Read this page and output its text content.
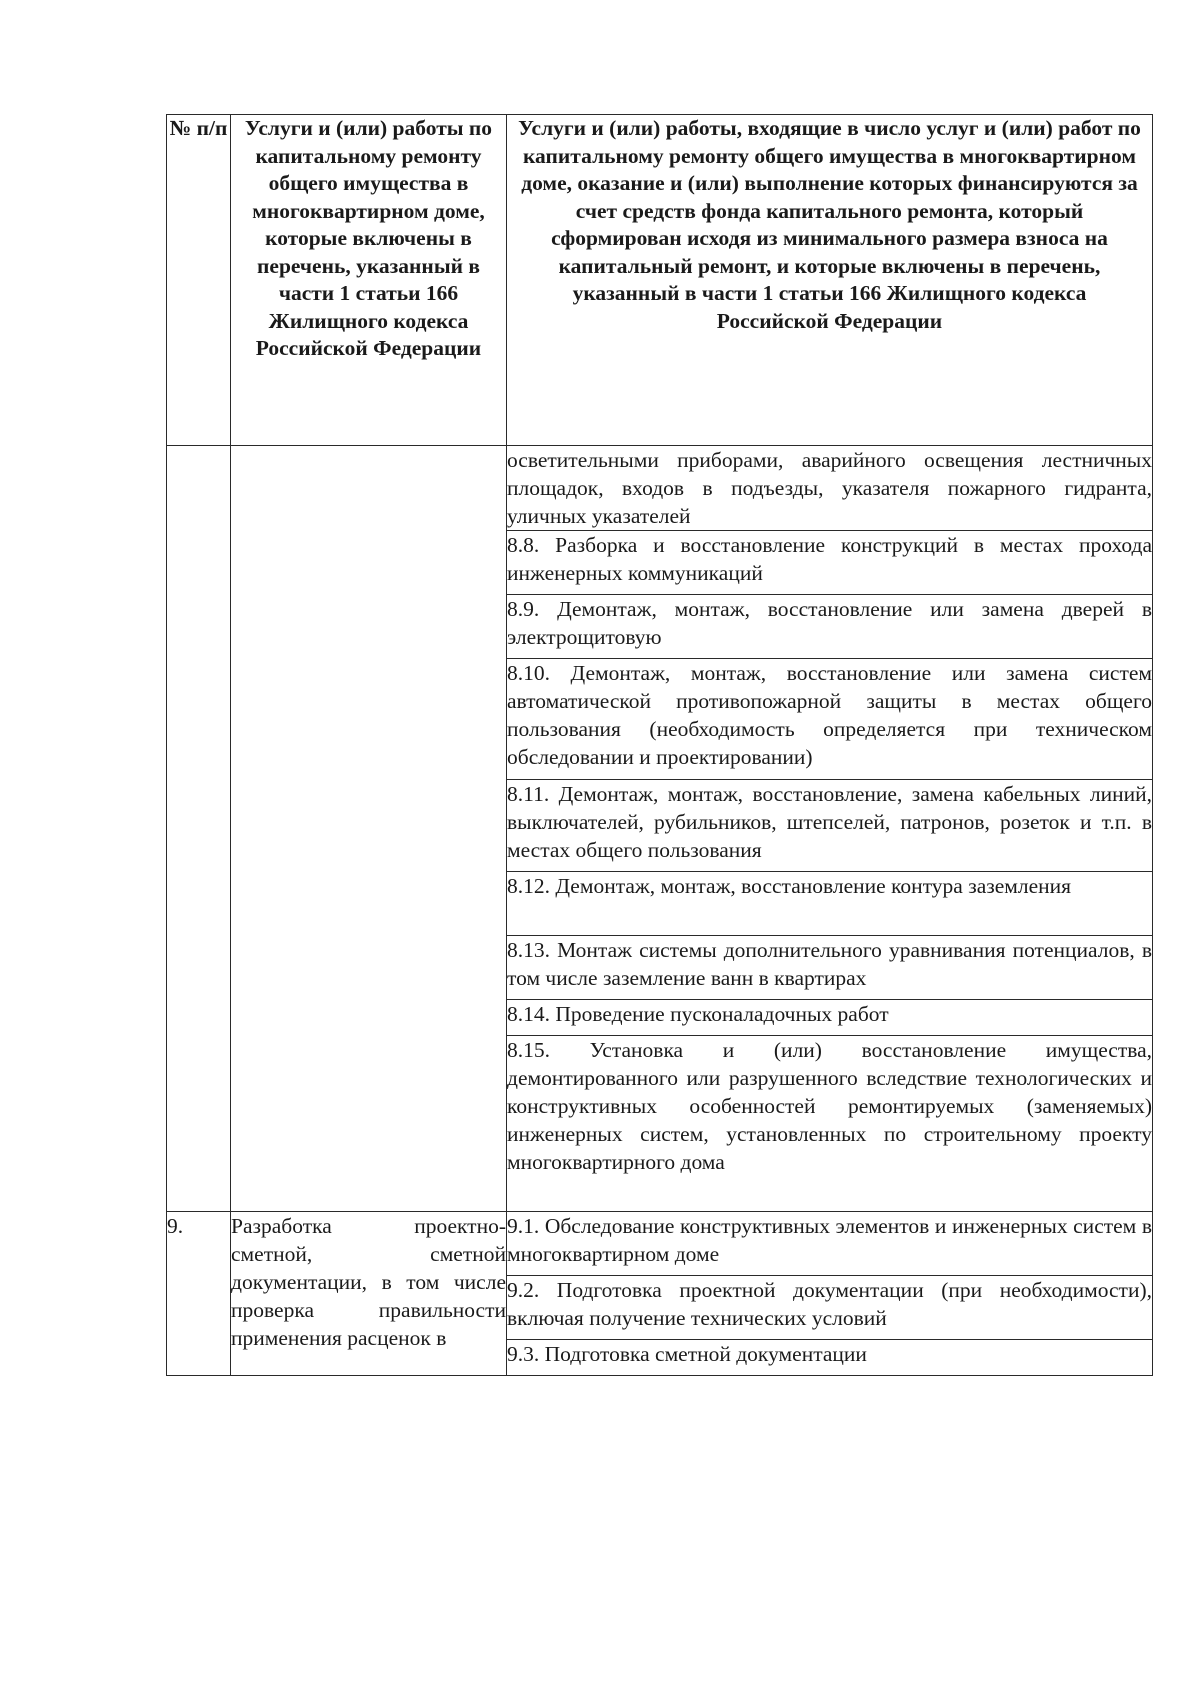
№ п/п	Услуги и (или) работы по капитальному ремонту общего имущества в многоквартирном доме, которые включены в перечень, указанный в части 1 статьи 166 Жилищного кодекса Российской Федерации	Услуги и (или) работы, входящие в число услуг и (или) работ по капитальному ремонту общего имущества в многоквартирном доме, оказание и (или) выполнение которых финансируются за счет средств фонда капитального ремонта, который сформирован исходя из минимального размера взноса на капитальный ремонт, и которые включены в перечень, указанный в части 1 статьи 166 Жилищного кодекса Российской Федерации
		осветительными приборами, аварийного освещения лестничных площадок, входов в подъезды, указателя пожарного гидранта, уличных указателей
		8.8. Разборка и восстановление конструкций в местах прохода инженерных коммуникаций
		8.9. Демонтаж, монтаж, восстановление или замена дверей в электрощитовую
		8.10. Демонтаж, монтаж, восстановление или замена систем автоматической противопожарной защиты в местах общего пользования (необходимость определяется при техническом обследовании и проектировании)
		8.11. Демонтаж, монтаж, восстановление, замена кабельных линий, выключателей, рубильников, штепселей, патронов, розеток и т.п. в местах общего пользования
		8.12. Демонтаж, монтаж, восстановление контура заземления
		8.13. Монтаж системы дополнительного уравнивания потенциалов, в том числе заземление ванн в квартирах
		8.14. Проведение пусконаладочных работ
		8.15. Установка и (или) восстановление имущества, демонтированного или разрушенного вследствие технологических и конструктивных особенностей ремонтируемых (заменяемых) инженерных систем, установленных по строительному проекту многоквартирного дома
9.	Разработка проектно-сметной, сметной документации, в том числе проверка правильности применения расценок в	9.1. Обследование конструктивных элементов и инженерных систем в многоквартирном доме
		9.2. Подготовка проектной документации (при необходимости), включая получение технических условий
		9.3. Подготовка сметной документации
